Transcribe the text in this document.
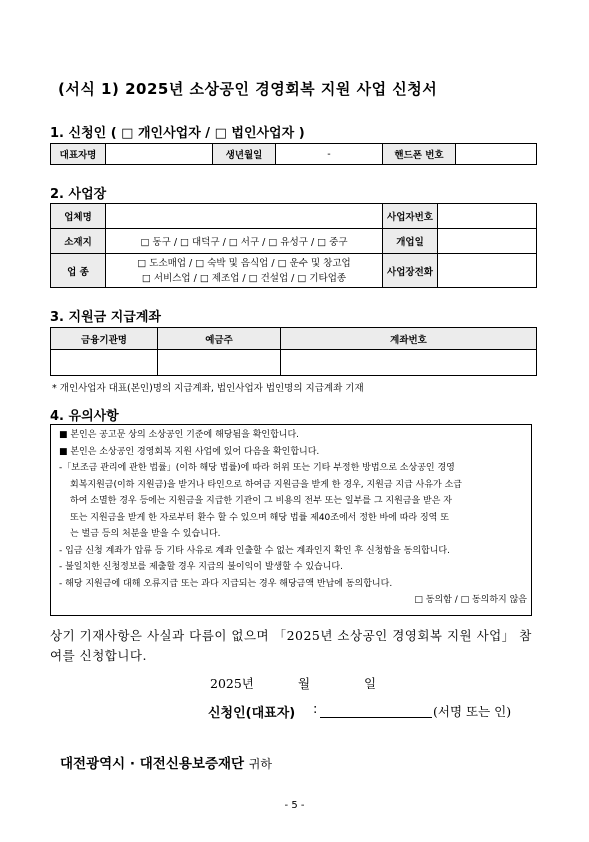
(서식 1) 2025년 소상공인 경영회복 지원 사업 신청서
1. 신청인 ( □ 개인사업자 / □ 법인사업자 )
대표자명		생년월일	-	핸드폰 번호	
2. 사업장
업체명		사업자번호	
소재지	□ 동구 / □ 대덕구 / □ 서구 / □ 유성구 / □ 중구	개업일	
업 종	□ 도소매업 / □ 숙박 및 음식업 / □ 운수 및 창고업
□ 서비스업 / □ 제조업 / □ 건설업 / □ 기타업종	사업장전화	
3. 지원금 지급계좌
금융기관명	예금주	계좌번호

* 개인사업자 대표(본인)명의 지급계좌, 법인사업자 법인명의 지급계좌 기재
4. 유의사항
■ 본인은 공고문 상의 소상공인 기준에 해당됨을 확인합니다.
■ 본인은 소상공인 경영회복 지원 사업에 있어 다음을 확인합니다.
-「보조금 관리에 관한 법률」(이하 해당 법률)에 따라 허위 또는 기타 부정한 방법으로 소상공인 경영
회복지원금(이하 지원금)을 받거나 타인으로 하여금 지원금을 받게 한 경우, 지원금 지급 사유가 소급
하여 소멸한 경우 등에는 지원금을 지급한 기관이 그 비용의 전부 또는 일부를 그 지원금을 받은 자
또는 지원금을 받게 한 자로부터 환수 할 수 있으며 해당 법률 제40조에서 정한 바에 따라 징역 또
는 벌금 등의 처분을 받을 수 있습니다.
- 입금 신청 계좌가 압류 등 기타 사유로 계좌 인출할 수 없는 계좌인지 확인 후 신청함을 동의합니다.
- 불일치한 신청정보를 제출할 경우 지급의 불이익이 발생할 수 있습니다.
- 해당 지원금에 대해 오류지급 또는 과다 지급되는 경우 해당금액 반납에 동의합니다.
□ 동의함 / □ 동의하지 않음
상기 기재사항은 사실과 다름이 없으며 「2025년 소상공인 경영회복 지원 사업」 참여를 신청합니다.
2025년	월	일
신청인(대표자) :	(서명 또는 인)
대전광역시 · 대전신용보증재단 귀하
- 5 -
